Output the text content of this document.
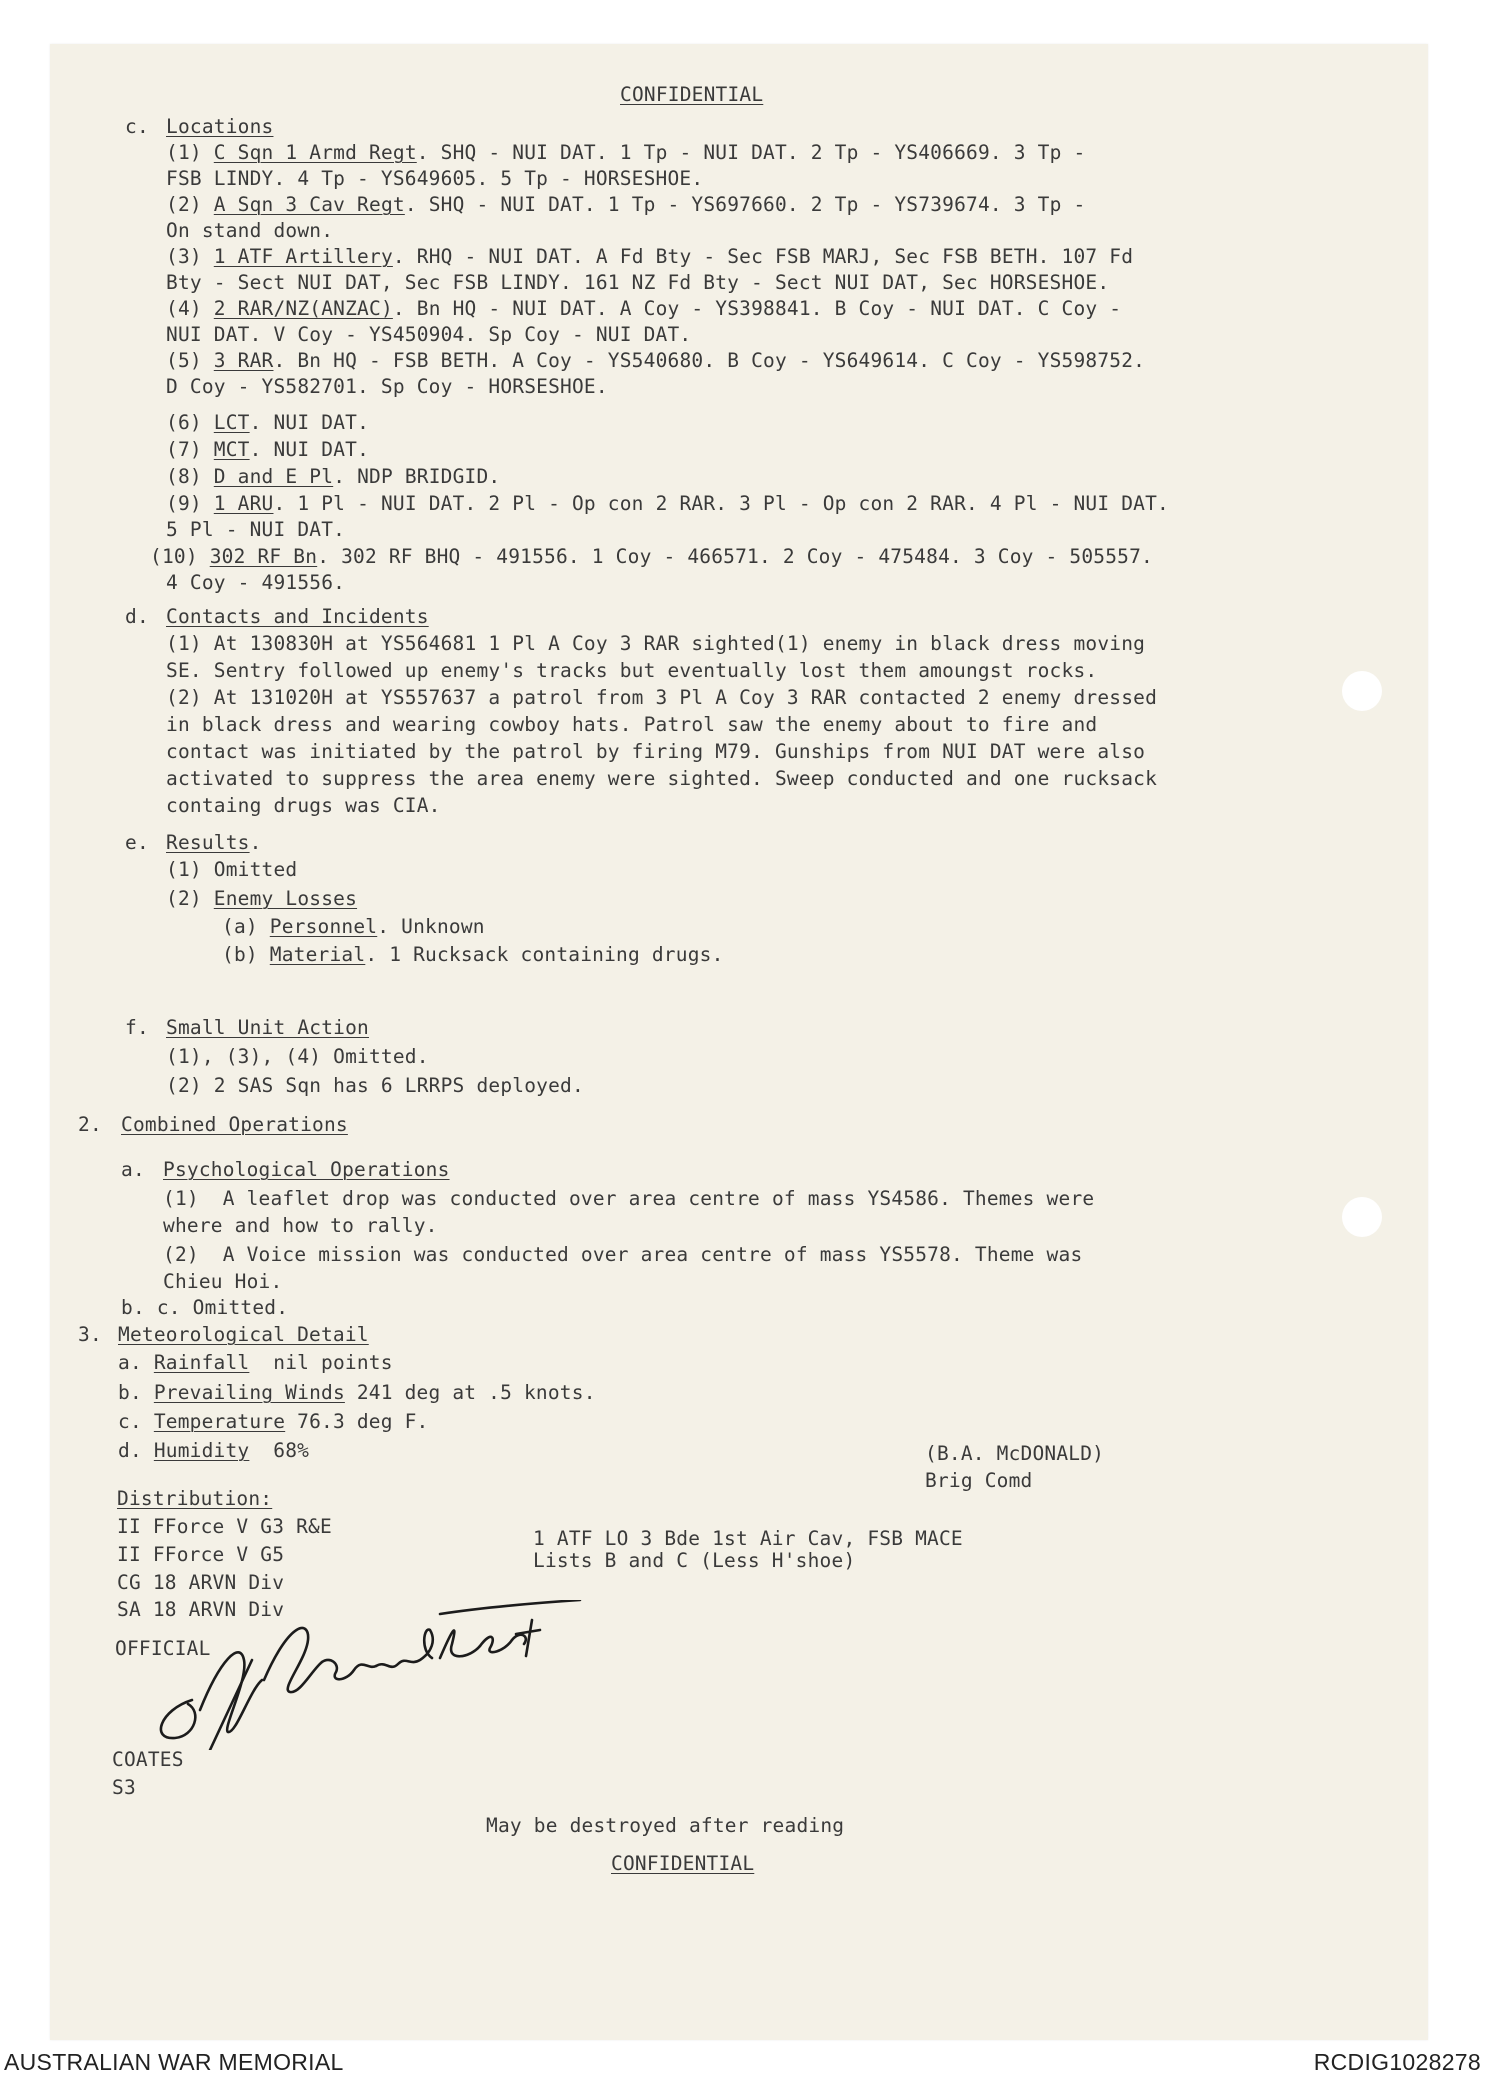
CONFIDENTIAL
c. Locations
(1) C Sqn 1 Armd Regt. SHQ - NUI DAT. 1 Tp - NUI DAT. 2 Tp - YS406669. 3 Tp -
FSB LINDY. 4 Tp - YS649605. 5 Tp - HORSESHOE.
(2) A Sqn 3 Cav Regt. SHQ - NUI DAT. 1 Tp - YS697660. 2 Tp - YS739674. 3 Tp -
On stand down.
(3) 1 ATF Artillery. RHQ - NUI DAT. A Fd Bty - Sec FSB MARJ, Sec FSB BETH. 107 Fd
Bty - Sect NUI DAT, Sec FSB LINDY. 161 NZ Fd Bty - Sect NUI DAT, Sec HORSESHOE.
(4) 2 RAR/NZ(ANZAC). Bn HQ - NUI DAT. A Coy - YS398841. B Coy - NUI DAT. C Coy -
NUI DAT. V Coy - YS450904. Sp Coy - NUI DAT.
(5) 3 RAR. Bn HQ - FSB BETH. A Coy - YS540680. B Coy - YS649614. C Coy - YS598752.
D Coy - YS582701. Sp Coy - HORSESHOE.
(6) LCT. NUI DAT.
(7) MCT. NUI DAT.
(8) D and E Pl. NDP BRIDGID.
(9) 1 ARU. 1 Pl - NUI DAT. 2 Pl - Op con 2 RAR. 3 Pl - Op con 2 RAR. 4 Pl - NUI DAT.
5 Pl - NUI DAT.
(10) 302 RF Bn. 302 RF BHQ - 491556. 1 Coy - 466571. 2 Coy - 475484. 3 Coy - 505557.
4 Coy - 491556.
d. Contacts and Incidents
(1) At 130830H at YS564681 1 Pl A Coy 3 RAR sighted(1) enemy in black dress moving
SE. Sentry followed up enemy's tracks but eventually lost them amoungst rocks.
(2) At 131020H at YS557637 a patrol from 3 Pl A Coy 3 RAR contacted 2 enemy dressed
in black dress and wearing cowboy hats. Patrol saw the enemy about to fire and
contact was initiated by the patrol by firing M79. Gunships from NUI DAT were also
activated to suppress the area enemy were sighted. Sweep conducted and one rucksack
containg drugs was CIA.
e. Results.
(1) Omitted
(2) Enemy Losses
(a) Personnel. Unknown
(b) Material. 1 Rucksack containing drugs.
f. Small Unit Action
(1), (3), (4) Omitted.
(2) 2 SAS Sqn has 6 LRRPS deployed.
2. Combined Operations
a. Psychological Operations
(1)  A leaflet drop was conducted over area centre of mass YS4586. Themes were
where and how to rally.
(2)  A Voice mission was conducted over area centre of mass YS5578. Theme was
Chieu Hoi.
b. c. Omitted.
3. Meteorological Detail
a. Rainfall  nil points
b. Prevailing Winds 241 deg at .5 knots.
c. Temperature 76.3 deg F.
d. Humidity  68%	(B.A. McDONALD)
Brig Comd
Distribution:
II FForce V G3 R&E
II FForce V G5
CG 18 ARVN Div
SA 18 ARVN Div
1 ATF LO 3 Bde 1st Air Cav, FSB MACE
Lists B and C (Less H'shoe)
OFFICIAL
COATES
S3
May be destroyed after reading
CONFIDENTIAL
AUSTRALIAN WAR MEMORIAL	RCDIG1028278
